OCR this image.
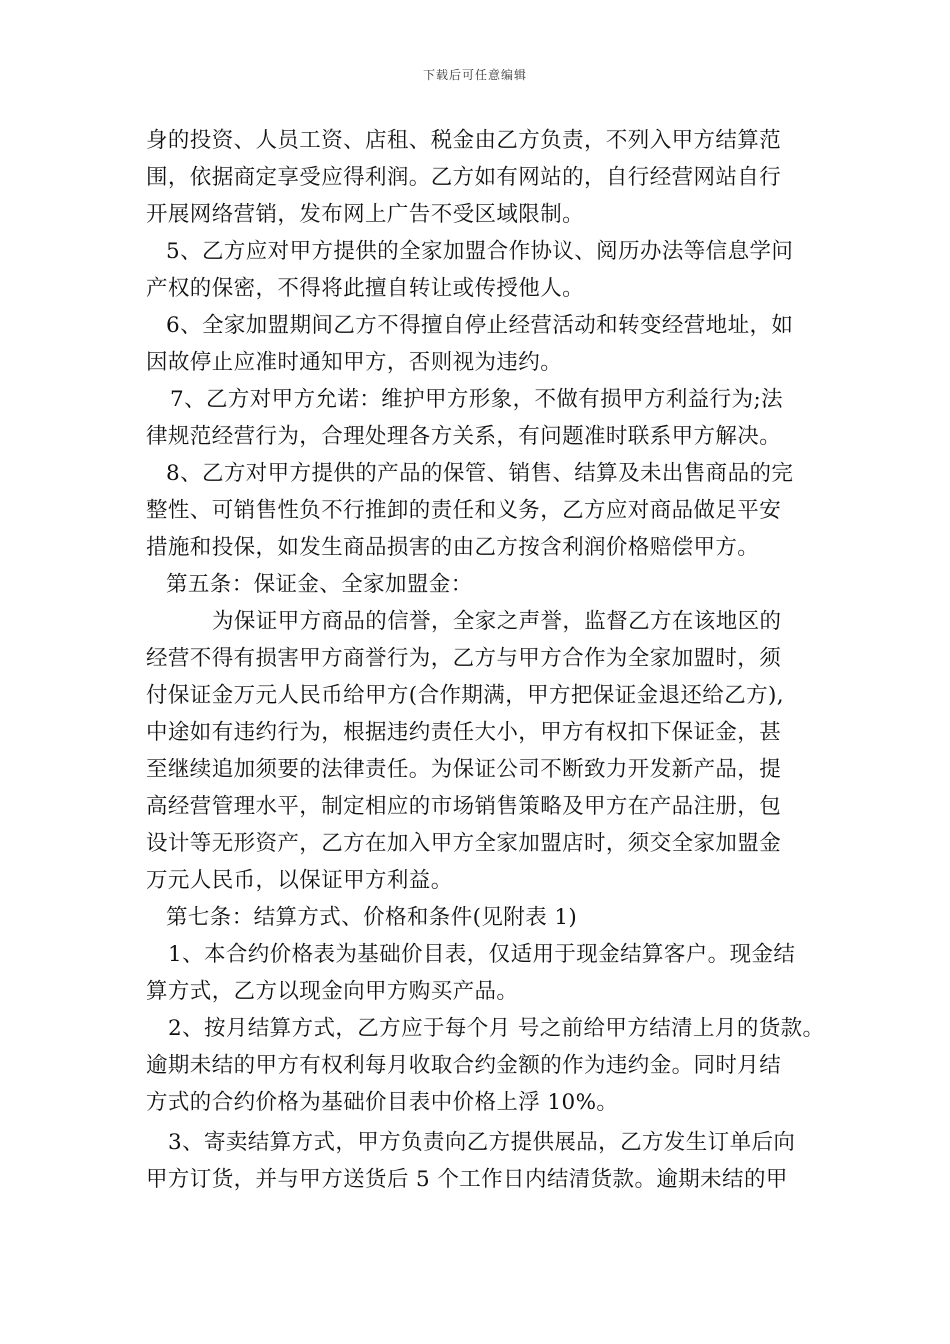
下载后可任意编辑
身的投资、人员工资、店租、税金由乙方负责，不列入甲方结算范
围，依据商定享受应得利润。乙方如有网站的，自行经营网站自行
开展网络营销，发布网上广告不受区域限制。
5、乙方应对甲方提供的全家加盟合作协议、阅历办法等信息学问
产权的保密，不得将此擅自转让或传授他人。
6、全家加盟期间乙方不得擅自停止经营活动和转变经营地址，如
因故停止应准时通知甲方，否则视为违约。
7、乙方对甲方允诺：维护甲方形象，不做有损甲方利益行为;法
律规范经营行为，合理处理各方关系，有问题准时联系甲方解决。
8、乙方对甲方提供的产品的保管、销售、结算及未出售商品的完
整性、可销售性负不行推卸的责任和义务，乙方应对商品做足平安
措施和投保，如发生商品损害的由乙方按含利润价格赔偿甲方。
第五条：保证金、全家加盟金：
为保证甲方商品的信誉，全家之声誉，监督乙方在该地区的
经营不得有损害甲方商誉行为，乙方与甲方合作为全家加盟时，须
付保证金万元人民币给甲方(合作期满，甲方把保证金退还给乙方),
中途如有违约行为，根据违约责任大小，甲方有权扣下保证金，甚
至继续追加须要的法律责任。为保证公司不断致力开发新产品，提
高经营管理水平，制定相应的市场销售策略及甲方在产品注册，包
设计等无形资产，乙方在加入甲方全家加盟店时，须交全家加盟金
万元人民币，以保证甲方利益。
第七条：结算方式、价格和条件(见附表 1)
1、本合约价格表为基础价目表，仅适用于现金结算客户。现金结
算方式，乙方以现金向甲方购买产品。
2、按月结算方式，乙方应于每个月 号之前给甲方结清上月的货款。
逾期未结的甲方有权利每月收取合约金额的作为违约金。同时月结
方式的合约价格为基础价目表中价格上浮 10%。
3、寄卖结算方式，甲方负责向乙方提供展品，乙方发生订单后向
甲方订货，并与甲方送货后 5 个工作日内结清货款。逾期未结的甲
